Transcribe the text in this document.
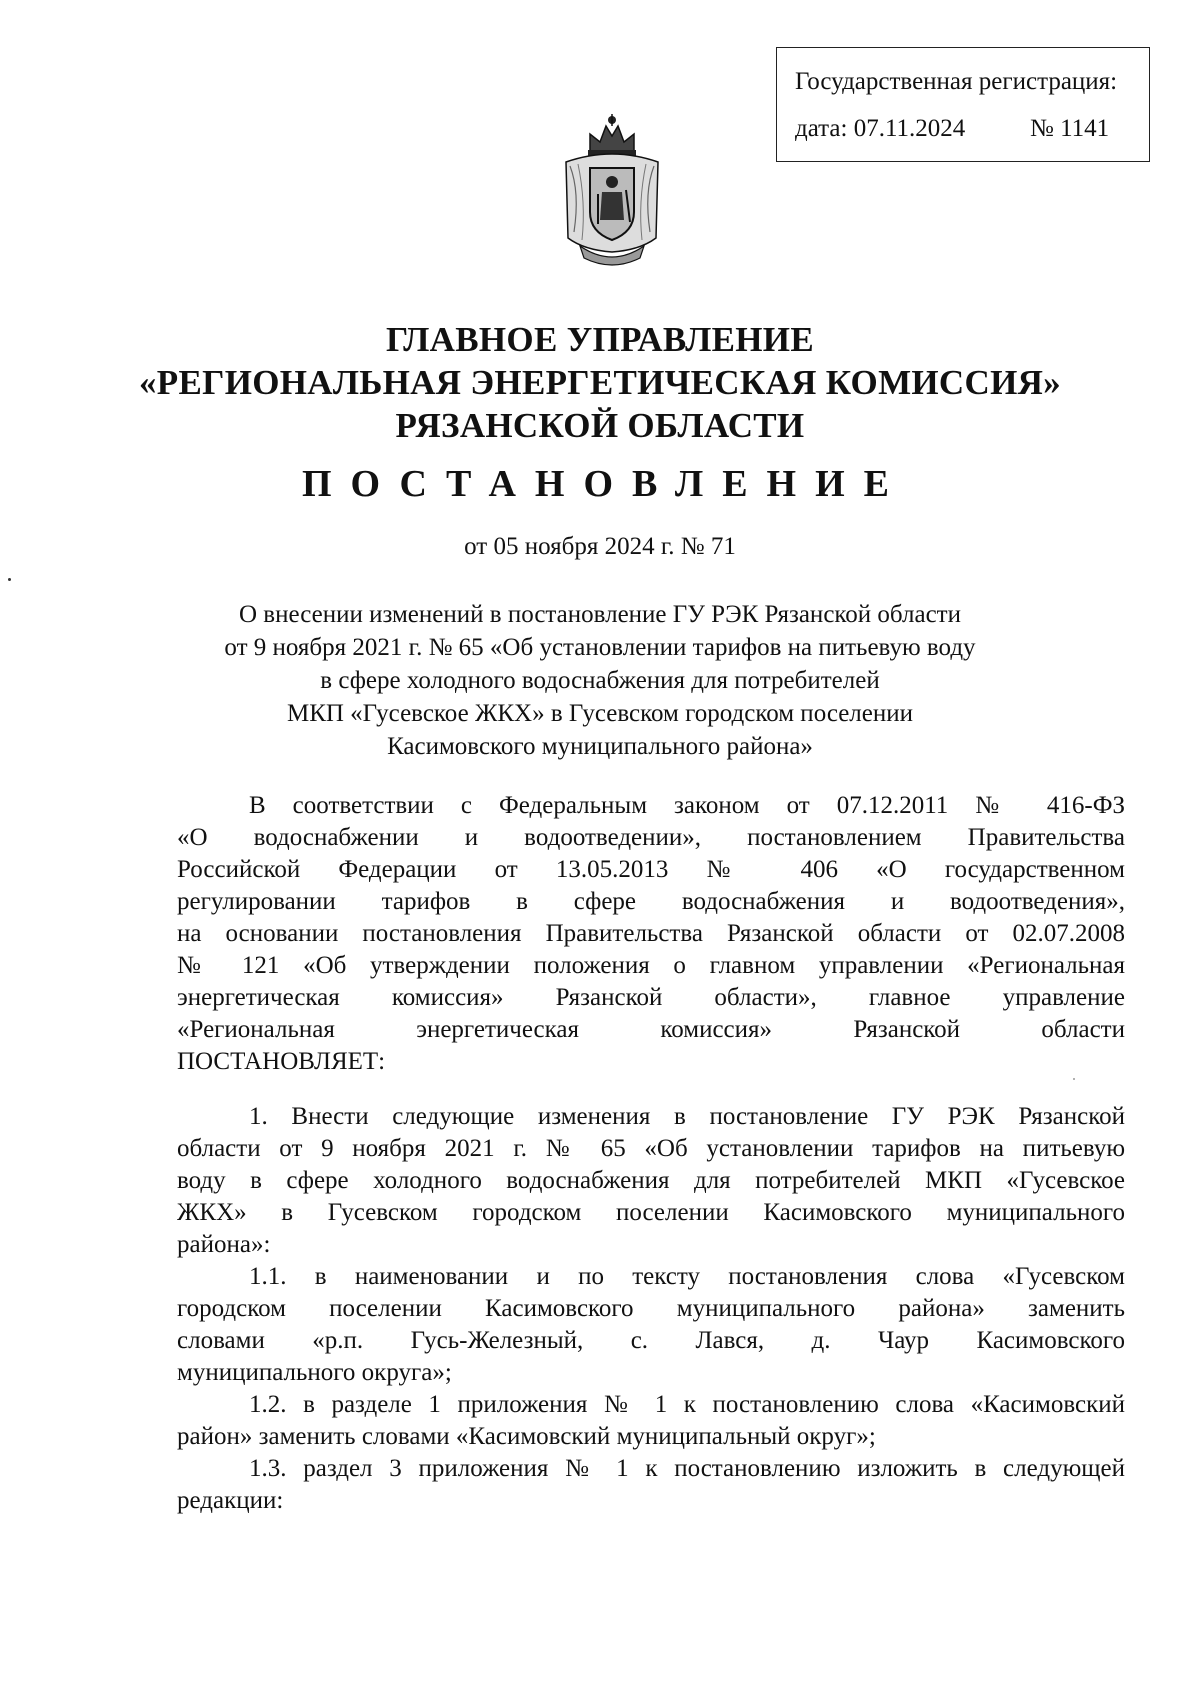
Государственная регистрация:
дата: 07.11.2024	№ 1141
ГЛАВНОЕ УПРАВЛЕНИЕ
«РЕГИОНАЛЬНАЯ ЭНЕРГЕТИЧЕСКАЯ КОМИССИЯ»
РЯЗАНСКОЙ ОБЛАСТИ
ПОСТАНОВЛЕНИЕ
от 05 ноября 2024 г. № 71
О внесении изменений в постановление ГУ РЭК Рязанской области
от 9 ноября 2021 г. № 65 «Об установлении тарифов на питьевую воду
в сфере холодного водоснабжения для потребителей
МКП «Гусевское ЖКХ» в Гусевском городском поселении
Касимовского муниципального района»
В соответствии с Федеральным законом от 07.12.2011 № 416-ФЗ
«О водоснабжении и водоотведении», постановлением Правительства
Российской Федерации от 13.05.2013 № 406 «О государственном
регулировании тарифов в сфере водоснабжения и водоотведения»,
на основании постановления Правительства Рязанской области от 02.07.2008
№ 121 «Об утверждении положения о главном управлении «Региональная
энергетическая комиссия» Рязанской области», главное управление
«Региональная энергетическая комиссия» Рязанской области
ПОСТАНОВЛЯЕТ:
1. Внести следующие изменения в постановление ГУ РЭК Рязанской
области от 9 ноября 2021 г. № 65 «Об установлении тарифов на питьевую
воду в сфере холодного водоснабжения для потребителей МКП «Гусевское
ЖКХ» в Гусевском городском поселении Касимовского муниципального
района»:
1.1. в наименовании и по тексту постановления слова «Гусевском
городском поселении Касимовского муниципального района» заменить
словами «р.п. Гусь-Железный, с. Лався, д. Чаур Касимовского
муниципального округа»;
1.2. в разделе 1 приложения № 1 к постановлению слова «Касимовский
район» заменить словами «Касимовский муниципальный округ»;
1.3. раздел 3 приложения № 1 к постановлению изложить в следующей
редакции:
